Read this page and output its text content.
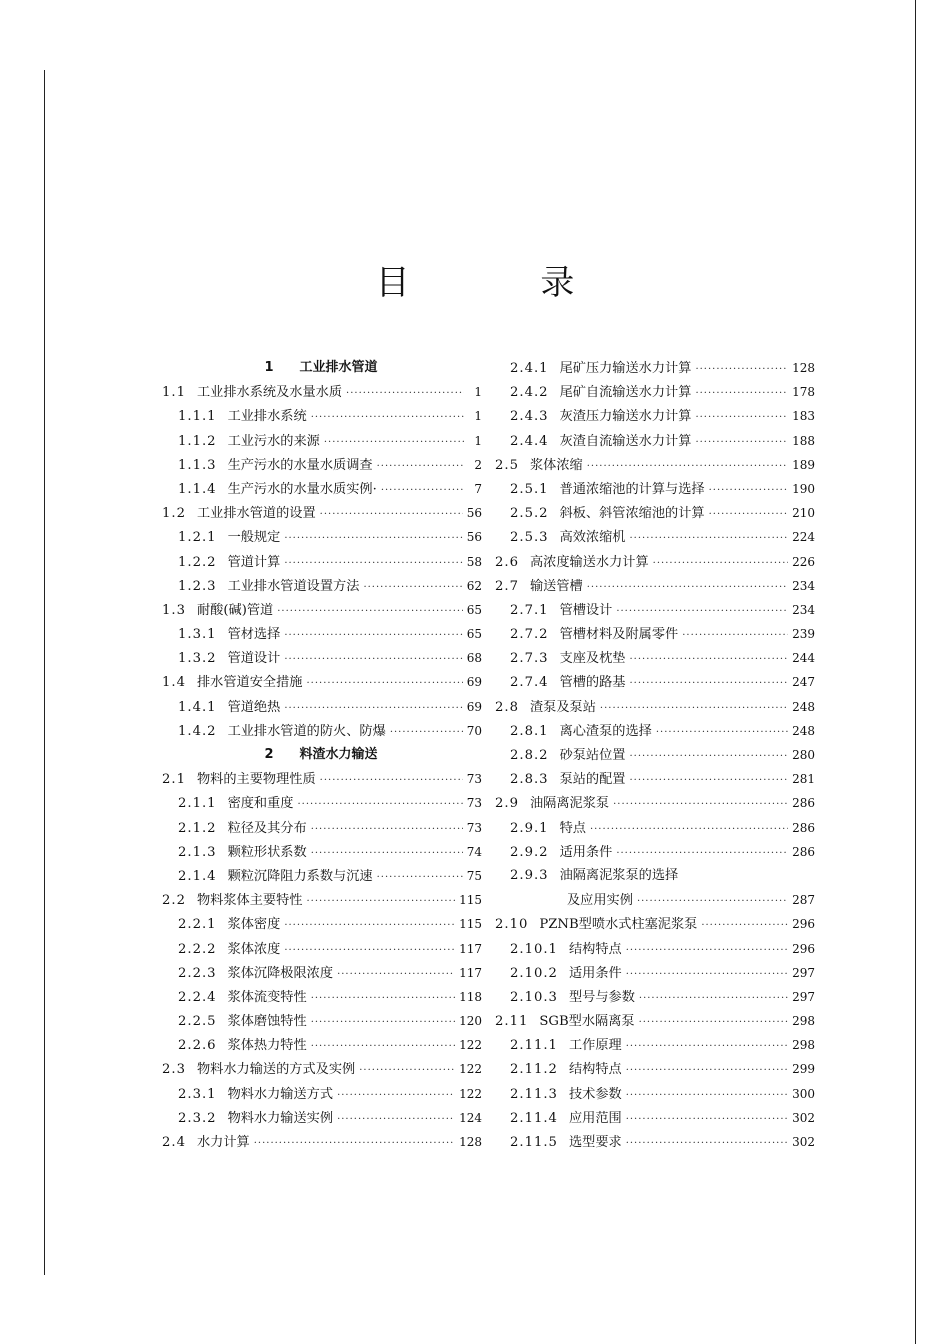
目 录
1 工业排水管道
1.1 工业排水系统及水量水质 ·····	1
1.1.1 工业排水系统 ·····	1
1.1.2 工业污水的来源 ·····	1
1.1.3 生产污水的水量水质调查 ·····	2
1.1.4 生产污水的水量水质实例· ·····	7
1.2 工业排水管道的设置 ·····	56
1.2.1 一般规定 ·····	56
1.2.2 管道计算 ·····	58
1.2.3 工业排水管道设置方法 ·····	62
1.3 耐酸(碱)管道 ·····	65
1.3.1 管材选择 ·····	65
1.3.2 管道设计 ·····	68
1.4 排水管道安全措施 ·····	69
1.4.1 管道绝热 ·····	69
1.4.2 工业排水管道的防火、防爆 ·····	70
2 料渣水力输送
2.1 物料的主要物理性质 ·····	73
2.1.1 密度和重度 ·····	73
2.1.2 粒径及其分布 ·····	73
2.1.3 颗粒形状系数 ·····	74
2.1.4 颗粒沉降阻力系数与沉速 ·····	75
2.2 物料浆体主要特性 ·····	115
2.2.1 浆体密度 ·····	115
2.2.2 浆体浓度 ·····	117
2.2.3 浆体沉降极限浓度 ·····	117
2.2.4 浆体流变特性 ·····	118
2.2.5 浆体磨蚀特性 ·····	120
2.2.6 浆体热力特性 ·····	122
2.3 物料水力输送的方式及实例 ·····	122
2.3.1 物料水力输送方式 ·····	122
2.3.2 物料水力输送实例 ·····	124
2.4 水力计算 ·····	128
2.4.1 尾矿压力输送水力计算 ·····	128
2.4.2 尾矿自流输送水力计算 ·····	178
2.4.3 灰渣压力输送水力计算 ·····	183
2.4.4 灰渣自流输送水力计算 ·····	188
2.5 浆体浓缩 ·····	189
2.5.1 普通浓缩池的计算与选择 ·····	190
2.5.2 斜板、斜管浓缩池的计算 ·····	210
2.5.3 高效浓缩机 ·····	224
2.6 高浓度输送水力计算 ·····	226
2.7 输送管槽 ·····	234
2.7.1 管槽设计 ·····	234
2.7.2 管槽材料及附属零件 ·····	239
2.7.3 支座及枕垫 ·····	244
2.7.4 管槽的路基 ·····	247
2.8 渣泵及泵站 ·····	248
2.8.1 离心渣泵的选择 ·····	248
2.8.2 砂泵站位置 ·····	280
2.8.3 泵站的配置 ·····	281
2.9 油隔离泥浆泵 ·····	286
2.9.1 特点 ·····	286
2.9.2 适用条件 ·····	286
2.9.3 油隔离泥浆泵的选择
及应用实例 ·····	287
2.10 PZNB型喷水式柱塞泥浆泵 ·····	296
2.10.1 结构特点 ·····	296
2.10.2 适用条件 ·····	297
2.10.3 型号与参数 ·····	297
2.11 SGB型水隔离泵 ·····	298
2.11.1 工作原理 ·····	298
2.11.2 结构特点 ·····	299
2.11.3 技术参数 ·····	300
2.11.4 应用范围 ·····	302
2.11.5 选型要求 ·····	302
